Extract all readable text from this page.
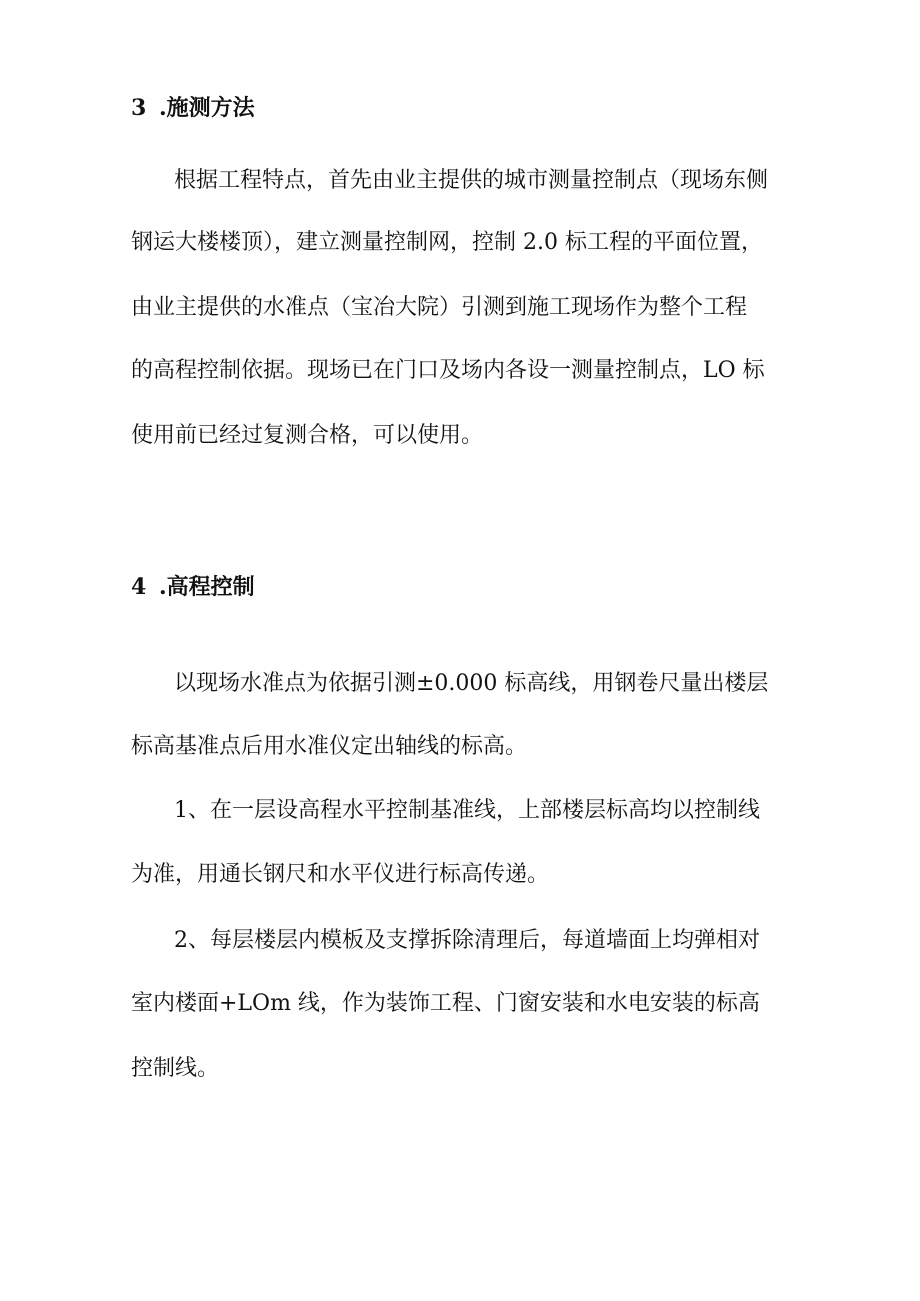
3 .施测方法
根据工程特点，首先由业主提供的城市测量控制点（现场东侧
钢运大楼楼顶），建立测量控制网，控制 2.0 标工程的平面位置，
由业主提供的水准点（宝冶大院）引测到施工现场作为整个工程
的高程控制依据。现场已在门口及场内各设一测量控制点，LO 标
使用前已经过复测合格，可以使用。
4 .高程控制
以现场水准点为依据引测±0.000 标高线，用钢卷尺量出楼层
标高基准点后用水准仪定出轴线的标高。
1、在一层设高程水平控制基准线，上部楼层标高均以控制线
为准，用通长钢尺和水平仪进行标高传递。
2、每层楼层内模板及支撑拆除清理后，每道墙面上均弹相对
室内楼面+LOm 线，作为装饰工程、门窗安装和水电安装的标高
控制线。
